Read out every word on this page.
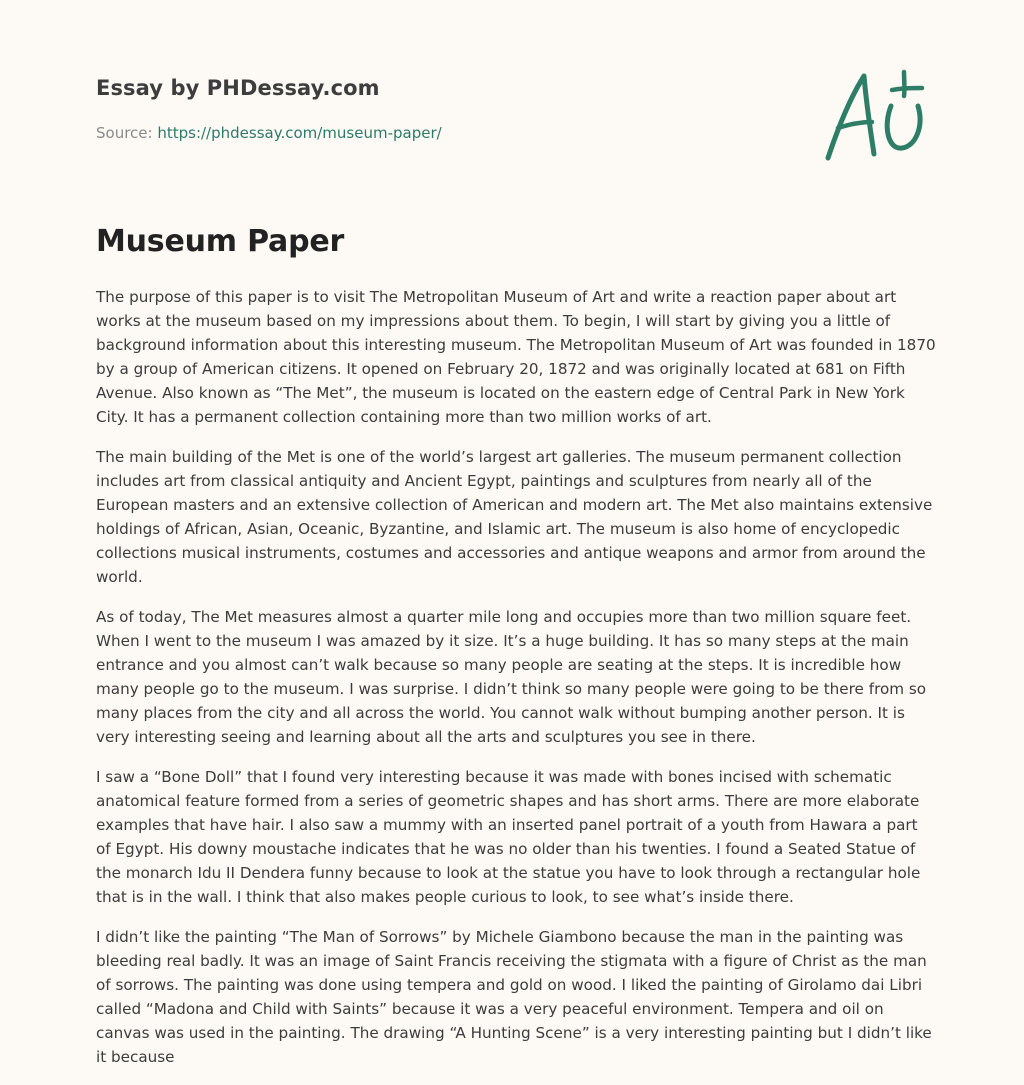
Essay by PHDessay.com

Source: https://phdessay.com/museum-paper/

Museum Paper

The purpose of this paper is to visit The Metropolitan Museum of Art and write a reaction paper about art works at the museum based on my impressions about them. To begin, I will start by giving you a little of background information about this interesting museum. The Metropolitan Museum of Art was founded in 1870 by a group of American citizens. It opened on February 20, 1872 and was originally located at 681 on Fifth Avenue. Also known as “The Met”, the museum is located on the eastern edge of Central Park in New York City. It has a permanent collection containing more than two million works of art.

The main building of the Met is one of the world’s largest art galleries. The museum permanent collection includes art from classical antiquity and Ancient Egypt, paintings and sculptures from nearly all of the European masters and an extensive collection of American and modern art. The Met also maintains extensive holdings of African, Asian, Oceanic, Byzantine, and Islamic art. The museum is also home of encyclopedic collections musical instruments, costumes and accessories and antique weapons and armor from around the world.

As of today, The Met measures almost a quarter mile long and occupies more than two million square feet. When I went to the museum I was amazed by it size. It’s a huge building. It has so many steps at the main entrance and you almost can’t walk because so many people are seating at the steps. It is incredible how many people go to the museum. I was surprise. I didn’t think so many people were going to be there from so many places from the city and all across the world. You cannot walk without bumping another person. It is very interesting seeing and learning about all the arts and sculptures you see in there.

I saw a “Bone Doll” that I found very interesting because it was made with bones incised with schematic anatomical feature formed from a series of geometric shapes and has short arms. There are more elaborate examples that have hair. I also saw a mummy with an inserted panel portrait of a youth from Hawara a part of Egypt. His downy moustache indicates that he was no older than his twenties. I found a Seated Statue of the monarch Idu II Dendera funny because to look at the statue you have to look through a rectangular hole that is in the wall. I think that also makes people curious to look, to see what’s inside there.

I didn’t like the painting “The Man of Sorrows” by Michele Giambono because the man in the painting was bleeding real badly. It was an image of Saint Francis receiving the stigmata with a figure of Christ as the man of sorrows. The painting was done using tempera and gold on wood. I liked the painting of Girolamo dai Libri called “Madona and Child with Saints” because it was a very peaceful environment. Tempera and oil on canvas was used in the painting. The drawing “A Hunting Scene” is a very interesting painting but I didn’t like it because
